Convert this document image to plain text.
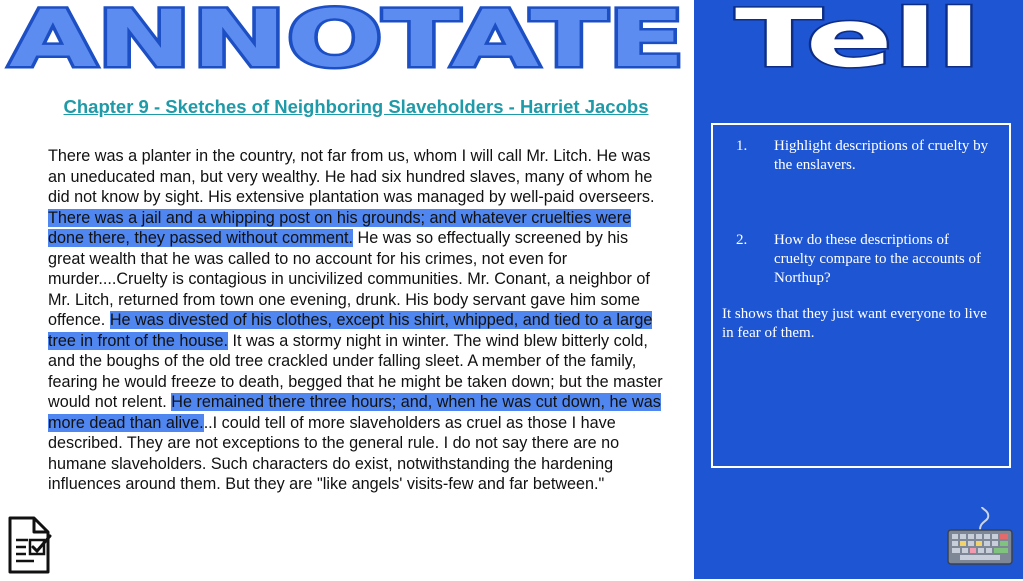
ANNOTATE Tell
Chapter 9 - Sketches of Neighboring Slaveholders - Harriet Jacobs
There was a planter in the country, not far from us, whom I will call Mr. Litch. He was an uneducated man, but very wealthy. He had six hundred slaves, many of whom he did not know by sight. His extensive plantation was managed by well-paid overseers. There was a jail and a whipping post on his grounds; and whatever cruelties were done there, they passed without comment. He was so effectually screened by his great wealth that he was called to no account for his crimes, not even for murder....Cruelty is contagious in uncivilized communities. Mr. Conant, a neighbor of Mr. Litch, returned from town one evening, drunk. His body servant gave him some offence. He was divested of his clothes, except his shirt, whipped, and tied to a large tree in front of the house. It was a stormy night in winter. The wind blew bitterly cold, and the boughs of the old tree crackled under falling sleet. A member of the family, fearing he would freeze to death, begged that he might be taken down; but the master would not relent. He remained there three hours; and, when he was cut down, he was more dead than alive...I could tell of more slaveholders as cruel as those I have described. They are not exceptions to the general rule. I do not say there are no humane slaveholders. Such characters do exist, notwithstanding the hardening influences around them. But they are "like angels' visits-few and far between."
1.	Highlight descriptions of cruelty by the enslavers.
2.	How do these descriptions of cruelty compare to the accounts of Northup?
It shows that they just want everyone to live in fear of them.
